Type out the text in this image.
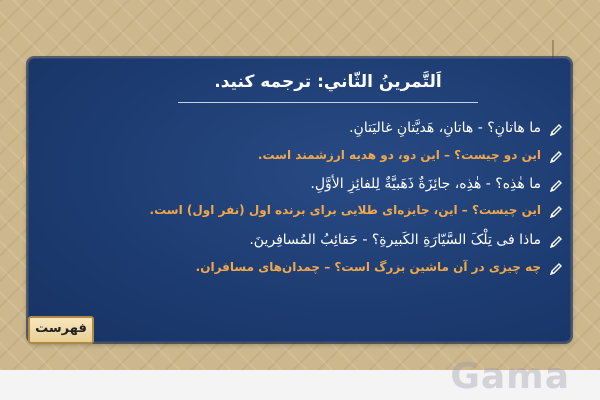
Gama
اَلتَّمرينُ الثّاني: ترجمه کنید.
ما هاتانِ؟ - هاتانِ، هَدیَّتانِ غالیَتانِ.
این دو چیست؟ – این دو، دو هدیه ارزشمند است.
ما هٰذِه؟ - هٰذِه، جائِزَةٌ ذَهَبیَّةٌ لِلفائِزِ الأوَّلِ.
این چیست؟ – این، جایزه‌ای طلایی برای برنده اول (نفر اول) است.
ماذا فی تِلْکَ السَّیّارَةِ الکَبیرةِ؟ - حَقائِبُ المُسافِرینَ.
چه چیزی در آن ماشین بزرگ است؟ – چمدان‌های مسافران.
فهرست
